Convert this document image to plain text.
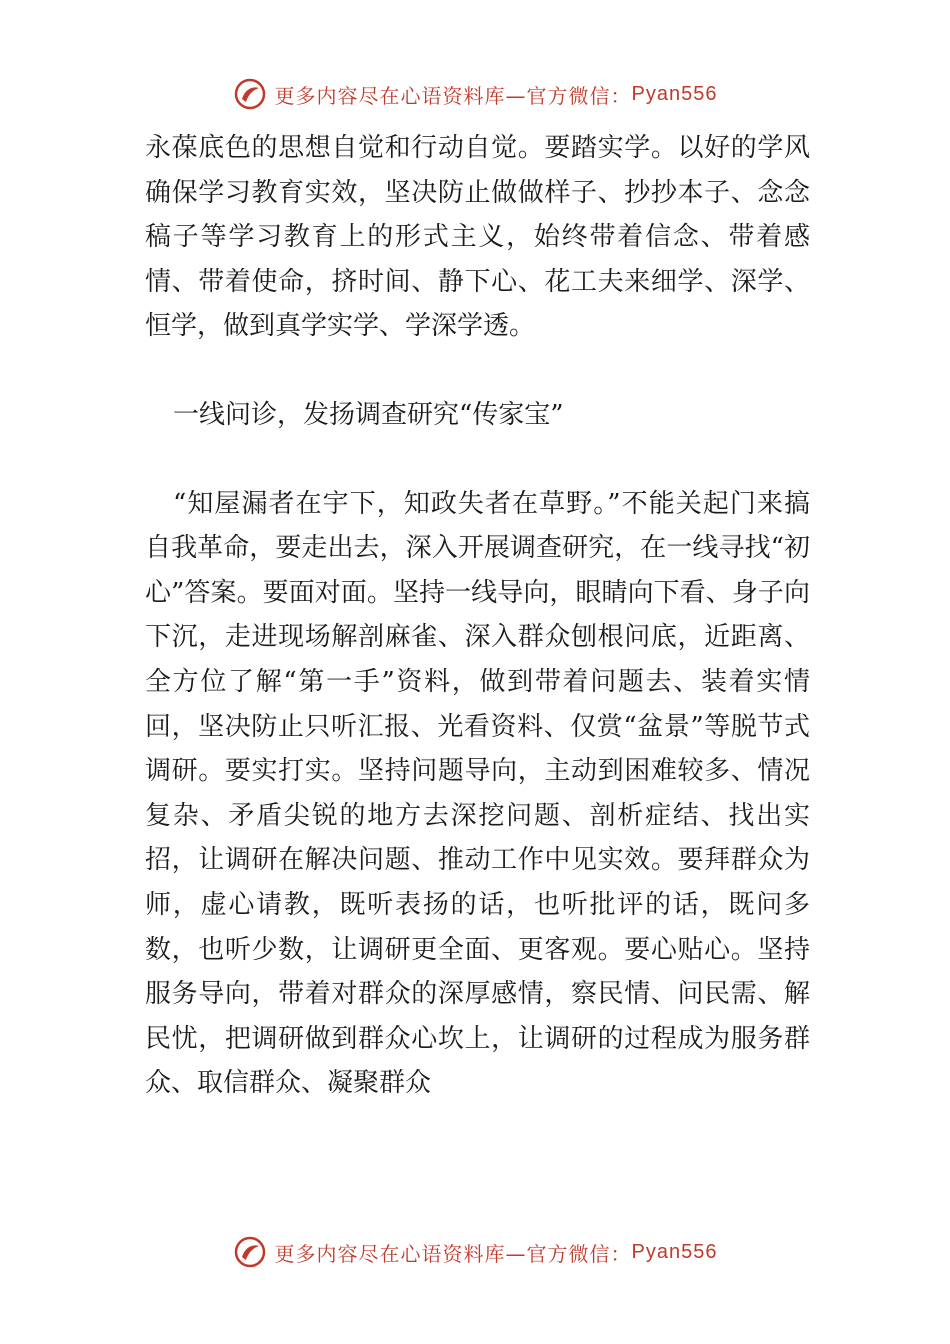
更多内容尽在心语资料库—官方微信： Pyan556

永葆底色的思想自觉和行动自觉。要踏实学。以好的学风确保学习教育实效，坚决防止做做样子、抄抄本子、念念稿子等学习教育上的形式主义，始终带着信念、带着感情、带着使命，挤时间、静下心、花工夫来细学、深学、恒学，做到真学实学、学深学透。

一线问诊，发扬调查研究“传家宝”

“知屋漏者在宇下，知政失者在草野。”不能关起门来搞自我革命，要走出去，深入开展调查研究，在一线寻找“初心”答案。要面对面。坚持一线导向，眼睛向下看、身子向下沉，走进现场解剖麻雀、深入群众刨根问底，近距离、全方位了解“第一手”资料，做到带着问题去、装着实情回，坚决防止只听汇报、光看资料、仅赏“盆景”等脱节式调研。要实打实。坚持问题导向，主动到困难较多、情况复杂、矛盾尖锐的地方去深挖问题、剖析症结、找出实招，让调研在解决问题、推动工作中见实效。要拜群众为师，虚心请教，既听表扬的话，也听批评的话，既问多数，也听少数，让调研更全面、更客观。要心贴心。坚持服务导向，带着对群众的深厚感情，察民情、问民需、解民忧，把调研做到群众心坎上，让调研的过程成为服务群众、取信群众、凝聚群众

更多内容尽在心语资料库—官方微信： Pyan556
